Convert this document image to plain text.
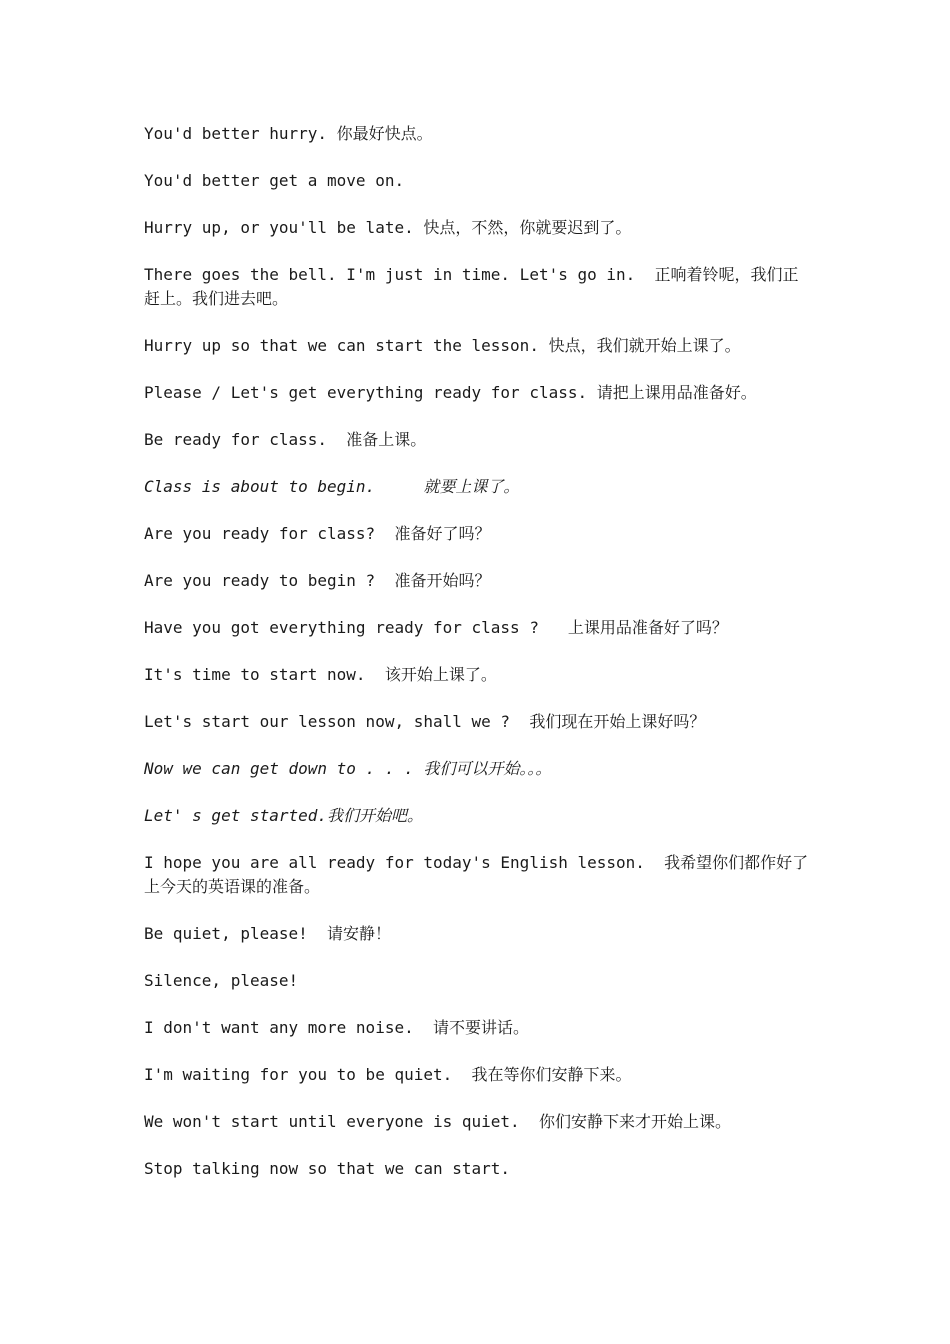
You'd better hurry. 你最好快点。

You'd better get a move on.

Hurry up, or you'll be late. 快点，不然，你就要迟到了。

There goes the bell. I'm just in time. Let's go in.  正响着铃呢，我们正赶上。我们进去吧。

Hurry up so that we can start the lesson. 快点，我们就开始上课了。

Please / Let's get everything ready for class. 请把上课用品准备好。

Be ready for class.  准备上课。

Class is about to begin.     就要上课了。

Are you ready for class?  准备好了吗？

Are you ready to begin ?  准备开始吗？

Have you got everything ready for class ?   上课用品准备好了吗？

It's time to start now.  该开始上课了。

Let's start our lesson now, shall we ?  我们现在开始上课好吗？

Now we can get down to . . . 我们可以开始。。。

Let' s get started.我们开始吧。

I hope you are all ready for today's English lesson.  我希望你们都作好了上今天的英语课的准备。

Be quiet, please!  请安静！

Silence, please!

I don't want any more noise.  请不要讲话。

I'm waiting for you to be quiet.  我在等你们安静下来。

We won't start until everyone is quiet.  你们安静下来才开始上课。

Stop talking now so that we can start.
